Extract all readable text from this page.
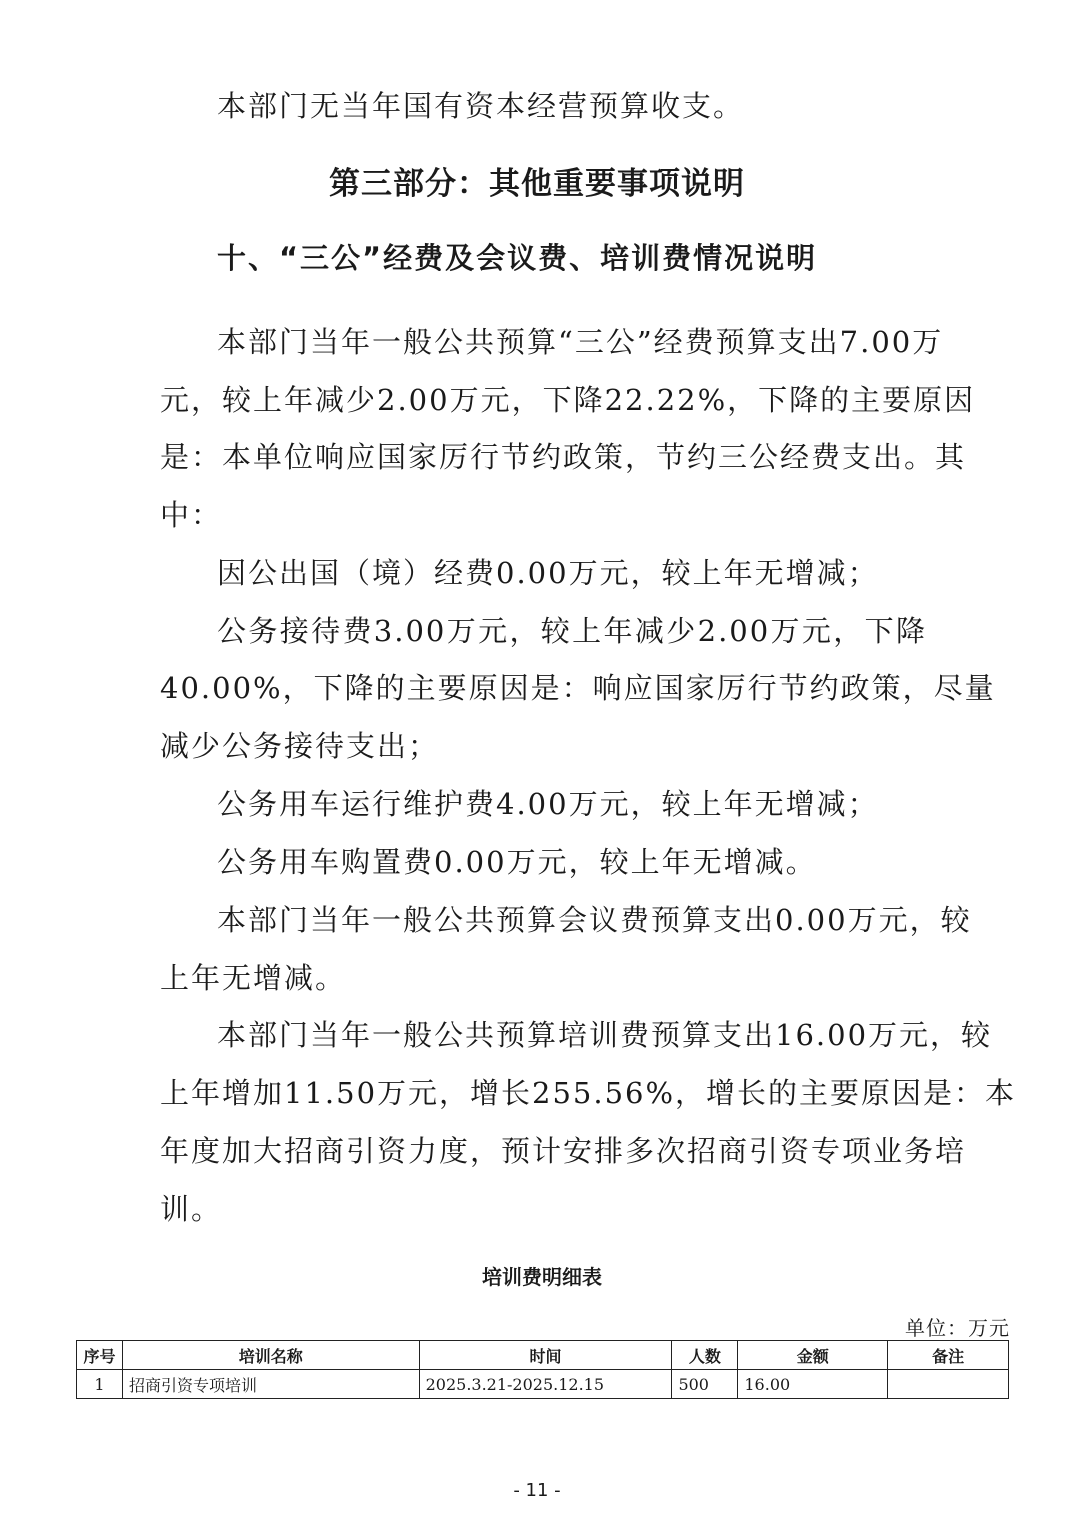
本部门无当年国有资本经营预算收支。
第三部分：其他重要事项说明
十、“三公”经费及会议费、培训费情况说明
本部门当年一般公共预算“三公”经费预算支出7.00万
元，较上年减少2.00万元，下降22.22%，下降的主要原因
是：本单位响应国家厉行节约政策，节约三公经费支出。其
中：
因公出国（境）经费0.00万元，较上年无增减；
公务接待费3.00万元，较上年减少2.00万元，下降
40.00%，下降的主要原因是：响应国家厉行节约政策，尽量
减少公务接待支出；
公务用车运行维护费4.00万元，较上年无增减；
公务用车购置费0.00万元，较上年无增减。
本部门当年一般公共预算会议费预算支出0.00万元，较
上年无增减。
本部门当年一般公共预算培训费预算支出16.00万元，较
上年增加11.50万元，增长255.56%，增长的主要原因是：本
年度加大招商引资力度，预计安排多次招商引资专项业务培
训。
培训费明细表
单位：万元
序号	培训名称	时间	人数	金额	备注
1	招商引资专项培训	2025.3.21-2025.12.15	500	16.00	
- 11 -
